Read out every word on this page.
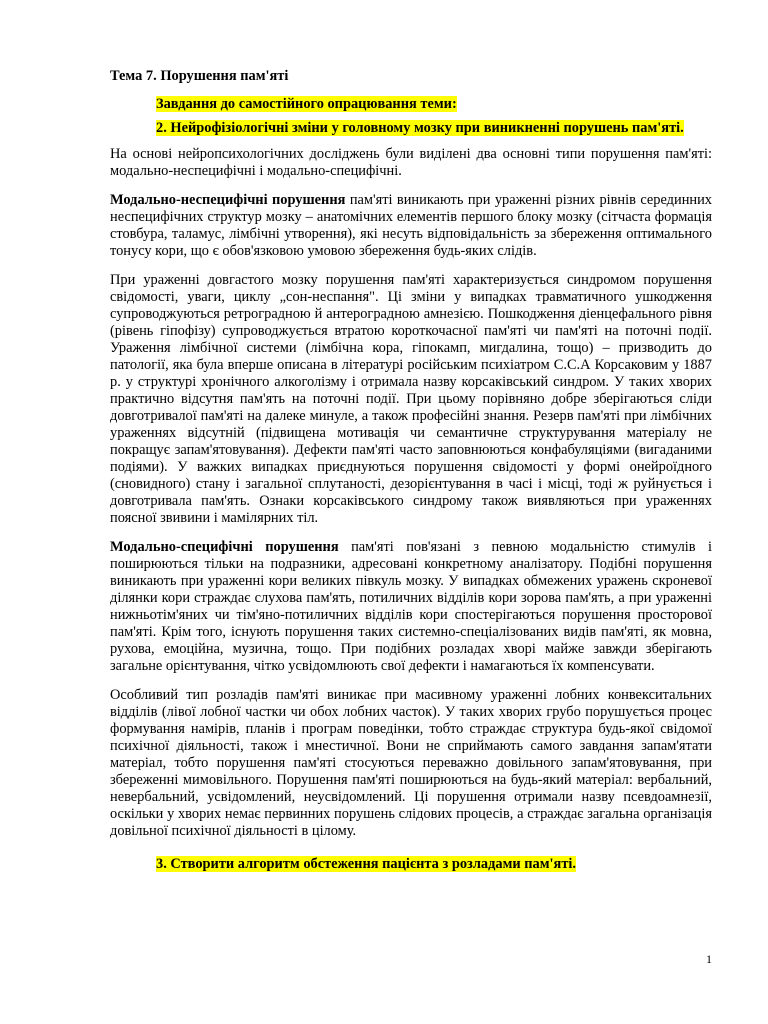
Тема 7. Порушення пам'яті
Завдання до самостійного опрацювання теми:
2. Нейрофізіологічні зміни у головному мозку при виникненні порушень пам'яті.

На основі нейропсихологічних досліджень були виділені два основні типи порушення пам'яті: модально-неспецифічні і модально-специфічні.

Модально-неспецифічні порушення пам'яті виникають при ураженні різних рівнів серединних неспецифічних структур мозку – анатомічних елементів першого блоку мозку (сітчаста формація стовбура, таламус, лімбічні утворення), які несуть відповідальність за збереження оптимального тонусу кори, що є обов'язковою умовою збереження будь-яких слідів.

При ураженні довгастого мозку порушення пам'яті характеризується синдромом порушення свідомості, уваги, циклу „сон-неспання". Ці зміни у випадках травматичного ушкодження супроводжуються ретроградною й антероградною амнезією. Пошкодження діенцефального рівня (рівень гіпофізу) супроводжується втратою короткочасної пам'яті чи пам'яті на поточні події. Ураження лімбічної системи (лімбічна кора, гіпокамп, мигдалина, тощо) – призводить до патології, яка була вперше описана в літературі російським психіатром С.С.А Корсаковим у 1887 р. у структурі хронічного алкоголізму і отримала назву корсаківський синдром. У таких хворих практично відсутня пам'ять на поточні події. При цьому порівняно добре зберігаються сліди довготривалої пам'яті на далеке минуле, а також професійні знання. Резерв пам'яті при лімбічних ураженнях відсутній (підвищена мотивація чи семантичне структурування матеріалу не покращує запам'ятовування). Дефекти пам'яті часто заповнюються конфабуляціями (вигаданими подіями). У важких випадках приєднуються порушення свідомості у формі онейроїдного (сновидного) стану і загальної сплутаності, дезорієнтування в часі і місці, тоді ж руйнується і довготривала пам'ять. Ознаки корсаківського синдрому також виявляються при ураженнях поясної звивини і мамілярних тіл.

Модально-специфічні порушення пам'яті пов'язані з певною модальністю стимулів і поширюються тільки на подразники, адресовані конкретному аналізатору. Подібні порушення виникають при ураженні кори великих півкуль мозку. У випадках обмежених уражень скроневої ділянки кори страждає слухова пам'ять, потиличних відділів кори зорова пам'ять, а при ураженні нижньотім'яних чи тім'яно-потиличних відділів кори спостерігаються порушення просторової пам'яті. Крім того, існують порушення таких системно-спеціалізованих видів пам'яті, як мовна, рухова, емоційна, музична, тощо. При подібних розладах хворі майже завжди зберігають загальне орієнтування, чітко усвідомлюють свої дефекти і намагаються їх компенсувати.

Особливий тип розладів пам'яті виникає при масивному ураженні лобних конвекситальних відділів (лівої лобної частки чи обох лобних часток). У таких хворих грубо порушується процес формування намірів, планів і програм поведінки, тобто страждає структура будь-якої свідомої психічної діяльності, також і мнестичної. Вони не сприймають самого завдання запам'ятати матеріал, тобто порушення пам'яті стосуються переважно довільного запам'ятовування, при збереженні мимовільного. Порушення пам'яті поширюються на будь-який матеріал: вербальний, невербальний, усвідомлений, неусвідомлений. Ці порушення отримали назву псевдоамнезії, оскільки у хворих немає первинних порушень слідових процесів, а страждає загальна організація довільної психічної діяльності в цілому.

3. Створити алгоритм обстеження пацієнта з розладами пам'яті.
1
